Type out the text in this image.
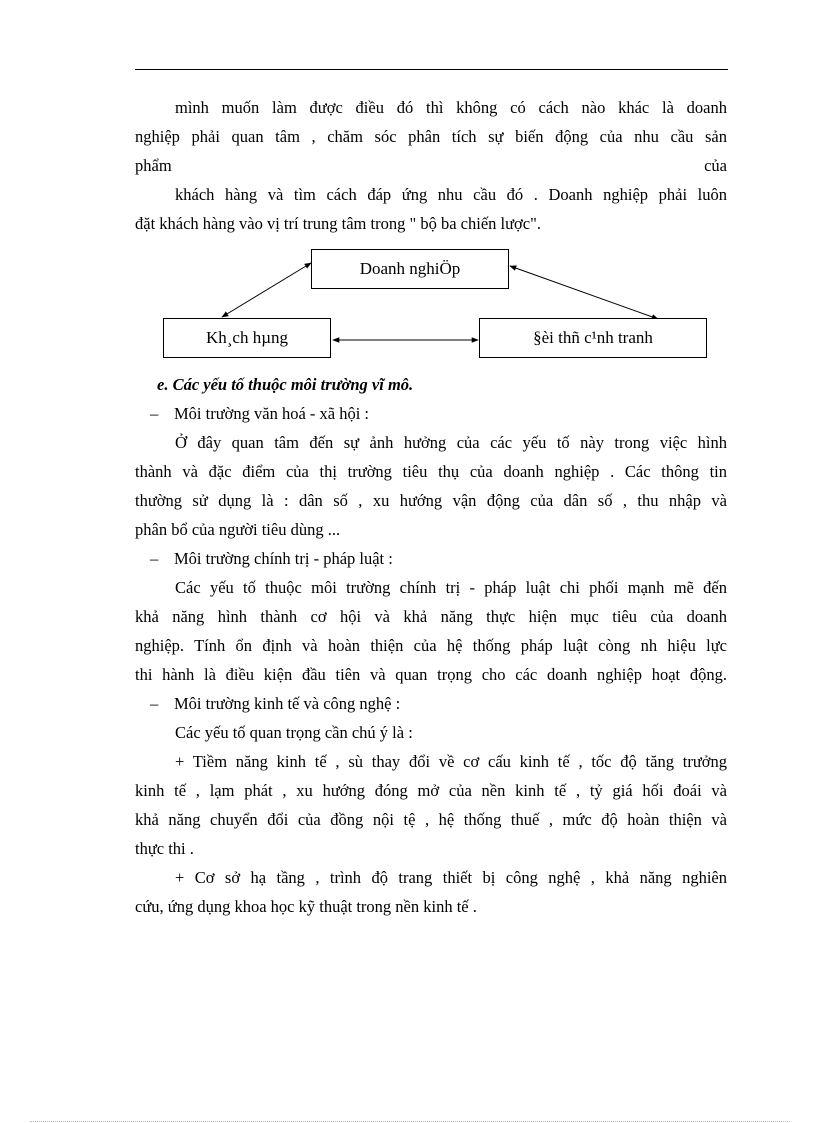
mình muốn làm được điều đó thì không có cách nào khác là doanh
nghiệp phải quan tâm , chăm sóc phân tích sự biến động của nhu cầu sản
phẩm	của
khách hàng và tìm cách đáp ứng nhu cầu đó . Doanh nghiệp phải luôn
đặt khách hàng vào vị trí trung tâm trong " bộ ba chiến lược".
Doanh nghiÖp
Kh¸ch hµng	§èi thñ c¹nh tranh
e. Các yếu tố thuộc môi trường vĩ mô.
– Môi trường văn hoá - xã hội :
Ở đây quan tâm đến sự ảnh hưởng của các yếu tố này trong việc hình
thành và đặc điểm của thị trường tiêu thụ của doanh nghiệp . Các thông tin
thường sử dụng là : dân số , xu hướng vận động của dân số , thu nhập và
phân bổ của người tiêu dùng ...
– Môi trường chính trị - pháp luật :
Các yếu tố thuộc môi trường chính trị - pháp luật chi phối mạnh mẽ đến
khả năng hình thành cơ hội và khả năng thực hiện mục tiêu của doanh
nghiệp. Tính ổn định và hoàn thiện của hệ thống pháp luật còng nh hiệu lực
thi hành là điều kiện đầu tiên và quan trọng cho các doanh nghiệp hoạt động.
– Môi trường kinh tế và công nghệ :
Các yếu tố quan trọng cần chú ý là :
+ Tiềm năng kinh tế , sù thay đổi về cơ cấu kinh tế , tốc độ tăng trưởng
kinh tế , lạm phát , xu hướng đóng mở của nền kinh tế , tỷ giá hối đoái và
khả năng chuyển đổi của đồng nội tệ , hệ thống thuế , mức độ hoàn thiện và
thực thi .
+ Cơ sở hạ tầng , trình độ trang thiết bị công nghệ , khả năng nghiên
cứu, ứng dụng khoa học kỹ thuật trong nền kinh tế .
